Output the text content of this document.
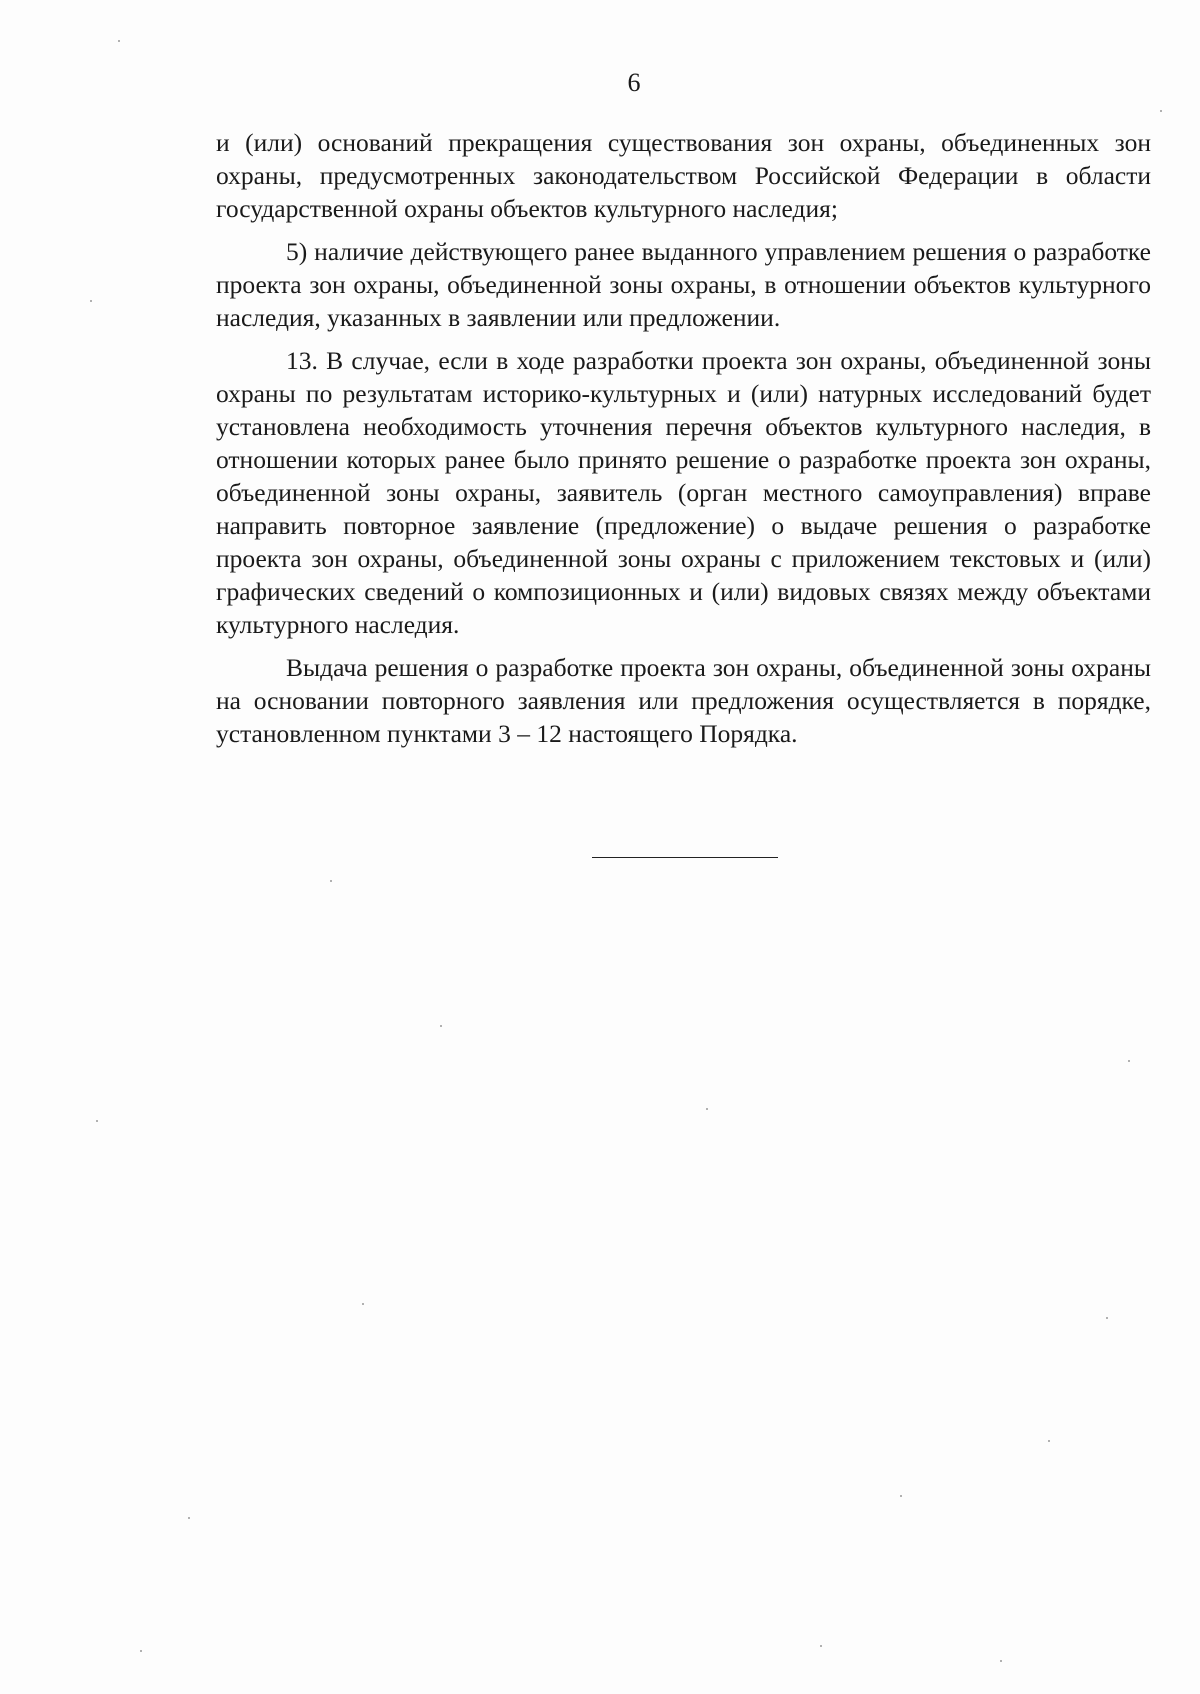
6

и (или) оснований прекращения существования зон охраны, объединенных зон охраны, предусмотренных законодательством Российской Федерации в области государственной охраны объектов культурного наследия;

5) наличие действующего ранее выданного управлением решения о разработке проекта зон охраны, объединенной зоны охраны, в отношении объектов культурного наследия, указанных в заявлении или предложении.

13. В случае, если в ходе разработки проекта зон охраны, объединенной зоны охраны по результатам историко-культурных и (или) натурных исследований будет установлена необходимость уточнения перечня объектов культурного наследия, в отношении которых ранее было принято решение о разработке проекта зон охраны, объединенной зоны охраны, заявитель (орган местного самоуправления) вправе направить повторное заявление (предложение) о выдаче решения о разработке проекта зон охраны, объединенной зоны охраны с приложением текстовых и (или) графических сведений о композиционных и (или) видовых связях между объектами культурного наследия.

Выдача решения о разработке проекта зон охраны, объединенной зоны охраны на основании повторного заявления или предложения осуществляется в порядке, установленном пунктами 3 – 12 настоящего Порядка.
